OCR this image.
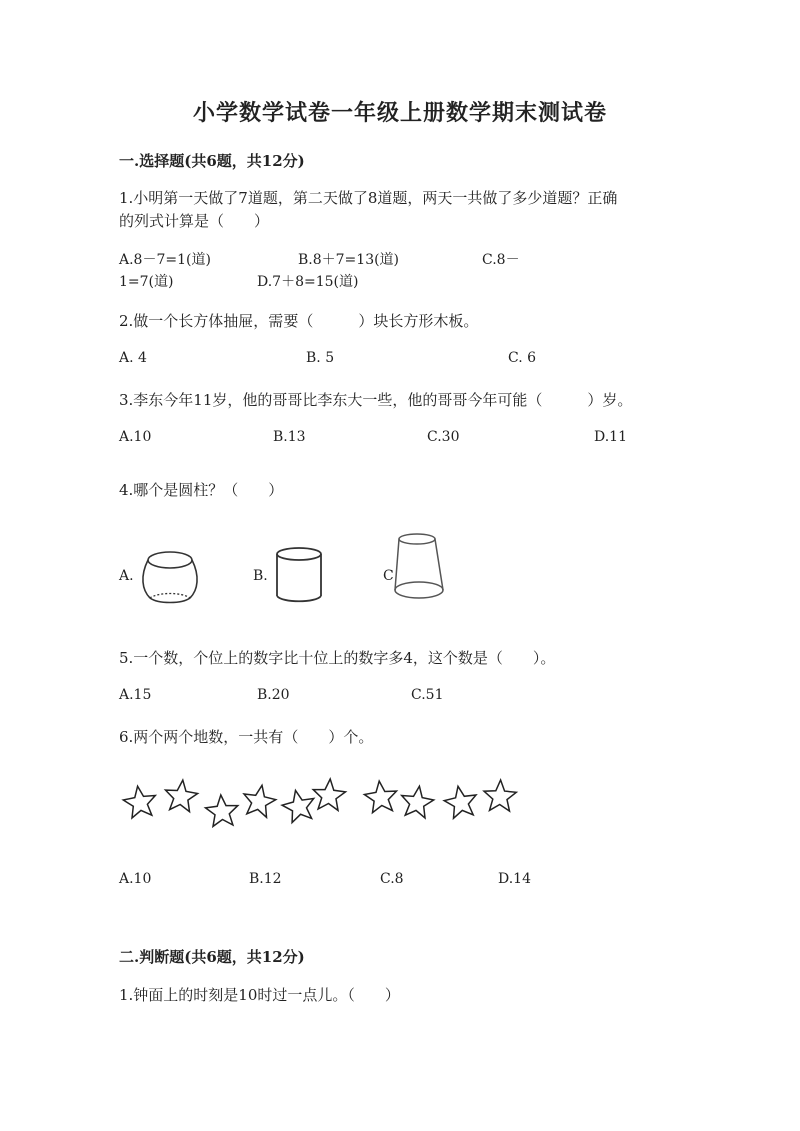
小学数学试卷一年级上册数学期末测试卷
一.选择题(共6题，共12分)
1.小明第一天做了7道题，第二天做了8道题，两天一共做了多少道题？正确
的列式计算是（　　）
A.8－7=1(道)	B.8＋7=13(道)	C.8－
1=7(道)	D.7＋8=15(道)
2.做一个长方体抽屉，需要（　　　）块长方形木板。
A. 4	B. 5	C. 6
3.李东今年11岁，他的哥哥比李东大一些，他的哥哥今年可能（　　　）岁。
A.10	B.13	C.30	D.11
4.哪个是圆柱？（　　）
A.	B.	C
5.一个数，个位上的数字比十位上的数字多4，这个数是（　　）。
A.15	B.20	C.51
6.两个两个地数，一共有（　　）个。
A.10	B.12	C.8	D.14
二.判断题(共6题，共12分)
1.钟面上的时刻是10时过一点儿。（　　）
